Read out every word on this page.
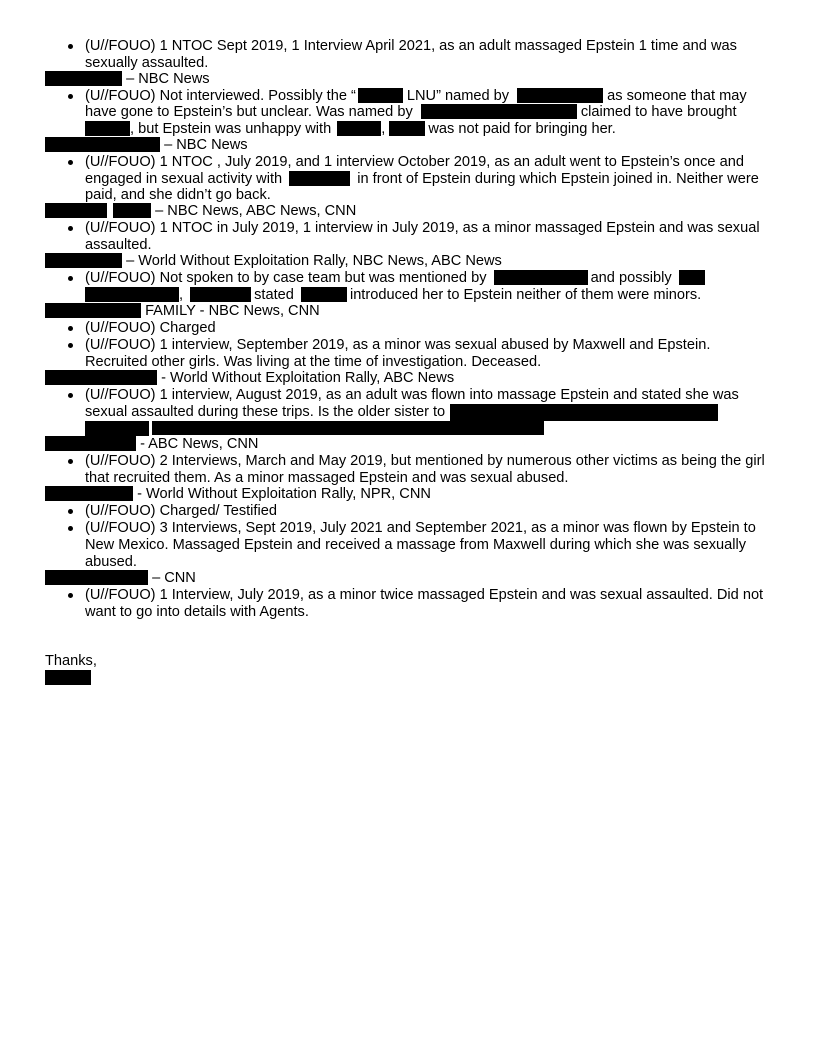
(U//FOUO) 1 NTOC Sept 2019, 1 Interview April 2021, as an adult massaged Epstein 1 time and was
sexually assaulted.
– NBC News
(U//FOUO) Not interviewed. Possibly the “	LNU” named by	as someone that may
have gone to Epstein’s but unclear. Was named by	claimed to have brought
, but Epstein was unhappy with	,	was not paid for bringing her.
– NBC News
(U//FOUO) 1 NTOC , July 2019, and 1 interview October 2019, as an adult went to Epstein’s once and
engaged in sexual activity with	in front of Epstein during which Epstein joined in. Neither were
paid, and she didn’t go back.
– NBC News, ABC News, CNN
(U//FOUO) 1 NTOC in July 2019, 1 interview in July 2019, as a minor massaged Epstein and was sexual
assaulted.
– World Without Exploitation Rally, NBC News, ABC News
(U//FOUO) Not spoken to by case team but was mentioned by	and possibly
,	stated	introduced her to Epstein neither of them were minors.
FAMILY - NBC News, CNN
(U//FOUO) Charged
(U//FOUO) 1 interview, September 2019, as a minor was sexual abused by Maxwell and Epstein.
Recruited other girls. Was living at the time of investigation. Deceased.
- World Without Exploitation Rally, ABC News
(U//FOUO) 1 interview, August 2019, as an adult was flown into massage Epstein and stated she was
sexual assaulted during these trips. Is the older sister to
- ABC News, CNN
(U//FOUO) 2 Interviews, March and May 2019, but mentioned by numerous other victims as being the girl
that recruited them. As a minor massaged Epstein and was sexual abused.
- World Without Exploitation Rally, NPR, CNN
(U//FOUO) Charged/ Testified
(U//FOUO) 3 Interviews, Sept 2019, July 2021 and September 2021, as a minor was flown by Epstein to
New Mexico. Massaged Epstein and received a massage from Maxwell during which she was sexually
abused.
– CNN
(U//FOUO) 1 Interview, July 2019, as a minor twice massaged Epstein and was sexual assaulted. Did not
want to go into details with Agents.
Thanks,
